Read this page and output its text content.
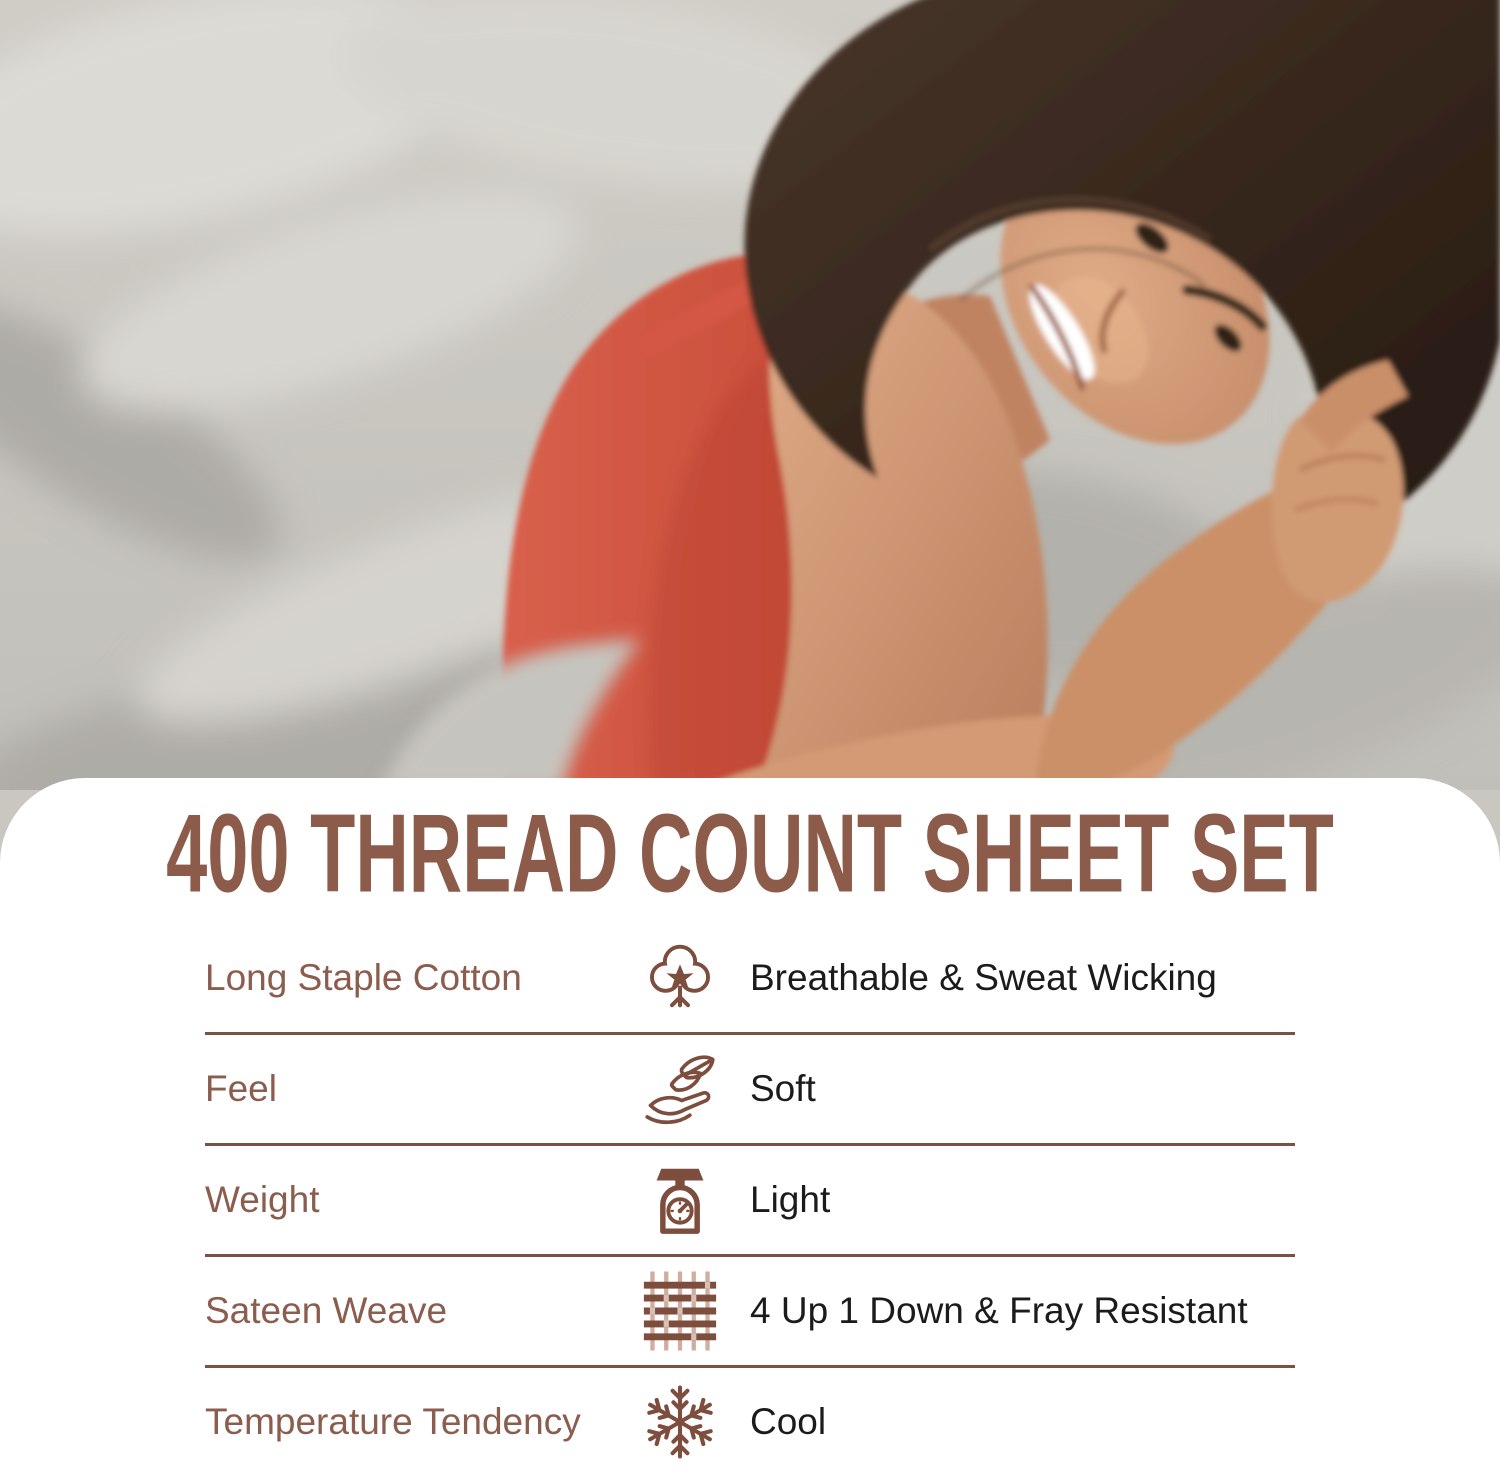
400 THREAD COUNT SHEET SET
Long Staple Cotton	Breathable & Sweat Wicking
Feel	Soft
Weight	Light
Sateen Weave	4 Up 1 Down & Fray Resistant
Temperature Tendency	Cool
